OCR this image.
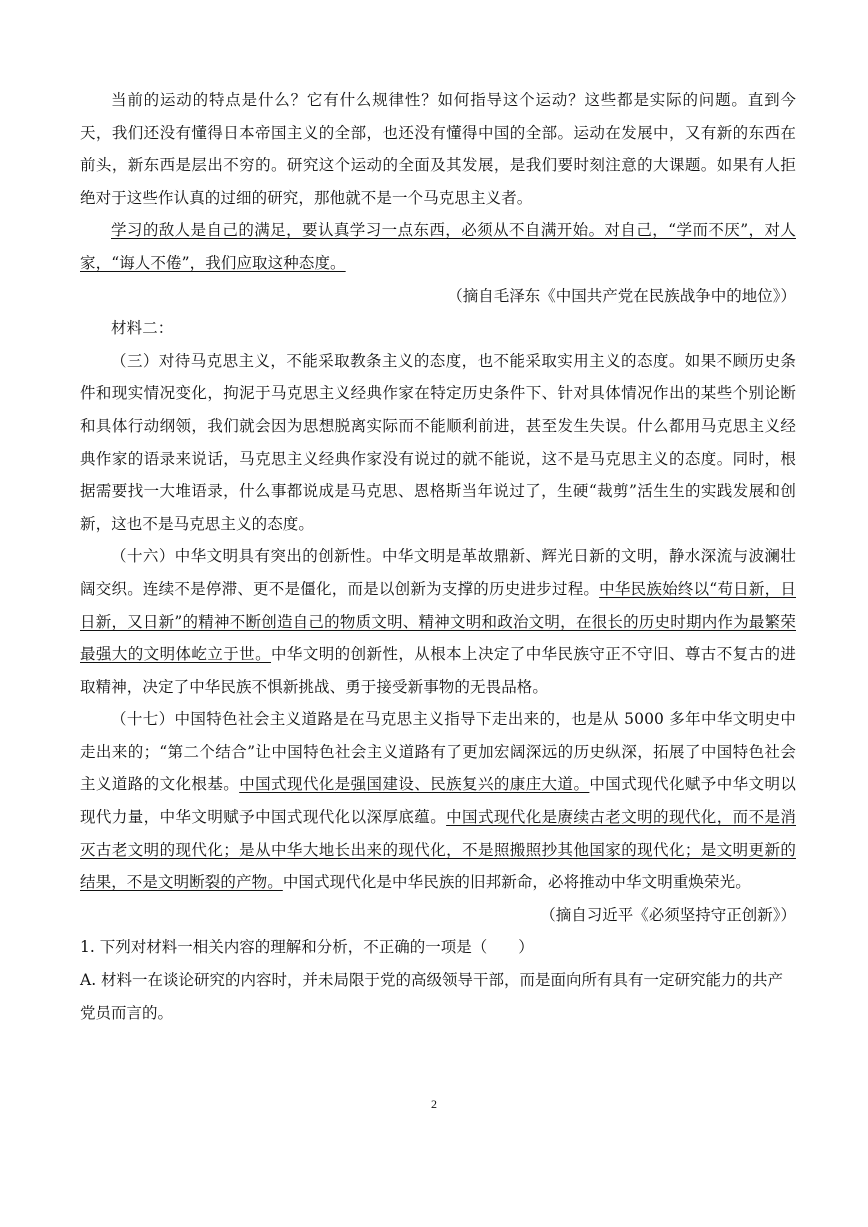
当前的运动的特点是什么？它有什么规律性？如何指导这个运动？这些都是实际的问题。直到今天，我们还没有懂得日本帝国主义的全部，也还没有懂得中国的全部。运动在发展中，又有新的东西在前头，新东西是层出不穷的。研究这个运动的全面及其发展，是我们要时刻注意的大课题。如果有人拒绝对于这些作认真的过细的研究，那他就不是一个马克思主义者。

学习的敌人是自己的满足，要认真学习一点东西，必须从不自满开始。对自己，“学而不厌”，对人家，“诲人不倦”，我们应取这种态度。

（摘自毛泽东《中国共产党在民族战争中的地位》）

材料二：

（三）对待马克思主义，不能采取教条主义的态度，也不能采取实用主义的态度。如果不顾历史条件和现实情况变化，拘泥于马克思主义经典作家在特定历史条件下、针对具体情况作出的某些个别论断和具体行动纲领，我们就会因为思想脱离实际而不能顺利前进，甚至发生失误。什么都用马克思主义经典作家的语录来说话，马克思主义经典作家没有说过的就不能说，这不是马克思主义的态度。同时，根据需要找一大堆语录，什么事都说成是马克思、恩格斯当年说过了，生硬“裁剪”活生生的实践发展和创新，这也不是马克思主义的态度。

（十六）中华文明具有突出的创新性。中华文明是革故鼎新、辉光日新的文明，静水深流与波澜壮阔交织。连续不是停滞、更不是僵化，而是以创新为支撑的历史进步过程。中华民族始终以“苟日新，日日新，又日新”的精神不断创造自己的物质文明、精神文明和政治文明，在很长的历史时期内作为最繁荣最强大的文明体屹立于世。中华文明的创新性，从根本上决定了中华民族守正不守旧、尊古不复古的进取精神，决定了中华民族不惧新挑战、勇于接受新事物的无畏品格。

（十七）中国特色社会主义道路是在马克思主义指导下走出来的，也是从 5000 多年中华文明史中走出来的；“第二个结合”让中国特色社会主义道路有了更加宏阔深远的历史纵深，拓展了中国特色社会主义道路的文化根基。中国式现代化是强国建设、民族复兴的康庄大道。中国式现代化赋予中华文明以现代力量，中华文明赋予中国式现代化以深厚底蕴。中国式现代化是赓续古老文明的现代化，而不是消灭古老文明的现代化；是从中华大地长出来的现代化，不是照搬照抄其他国家的现代化；是文明更新的结果，不是文明断裂的产物。中国式现代化是中华民族的旧邦新命，必将推动中华文明重焕荣光。

（摘自习近平《必须坚持守正创新》）

1. 下列对材料一相关内容的理解和分析，不正确的一项是（　　）

A. 材料一在谈论研究的内容时，并未局限于党的高级领导干部，而是面向所有具有一定研究能力的共产党员而言的。

2
